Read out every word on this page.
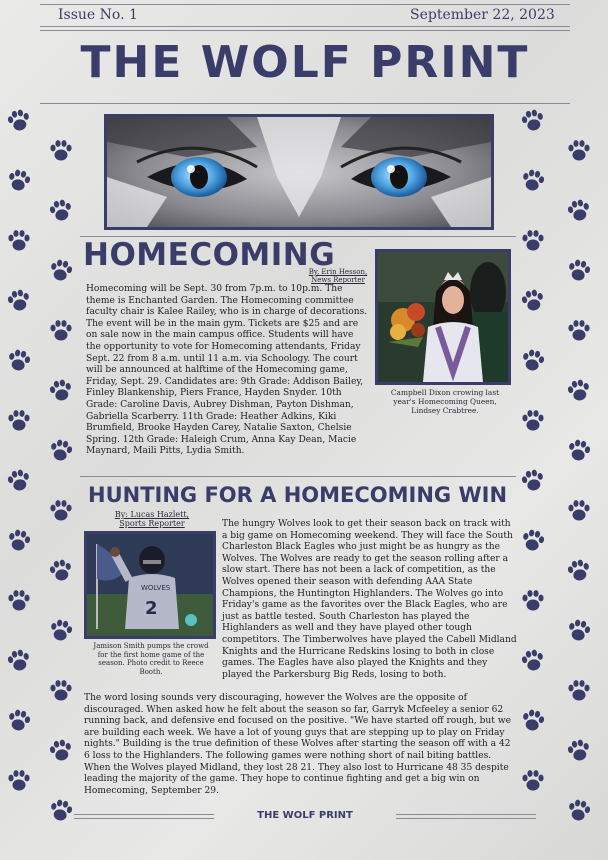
Issue No. 1	September 22, 2023
THE WOLF PRINT
HOMECOMING
By, Erin Hesson,
News Reporter

Homecoming will be Sept. 30 from 7p.m. to 10p.m. The theme is Enchanted Garden. The Homecoming committee faculty chair is Kalee Railey, who is in charge of decorations. The event will be in the main gym. Tickets are $25 and are on sale now in the main campus office. Students will have the opportunity to vote for Homecoming attendants, Friday Sept. 22 from 8 a.m. until 11 a.m. via Schoology. The court will be announced at halftime of the Homecoming game, Friday, Sept. 29. Candidates are: 9th Grade: Addison Bailey, Finley Blankenship, Piers France, Hayden Snyder. 10th Grade: Caroline Davis, Aubrey Dishman, Payton Dishman, Gabriella Scarberry. 11th Grade: Heather Adkins, Kiki Brumfield, Brooke Hayden Carey, Natalie Saxton, Chelsie Spring. 12th Grade: Haleigh Crum, Anna Kay Dean, Macie Maynard, Maili Pitts, Lydia Smith.

Campbell Dixon crowing last year's Homecoming Queen, Lindsey Crabtree.
HUNTING FOR A HOMECOMING WIN
By: Lucas Hazlett,
Sports Reporter
WOLVES
2
Jamison Smith pumps the crowd for the first home game of the season. Photo credit to Reece Booth.

The hungry Wolves look to get their season back on track with a big game on Homecoming weekend. They will face the South Charleston Black Eagles who just might be as hungry as the Wolves. The Wolves are ready to get the season rolling after a slow start. There has not been a lack of competition, as the Wolves opened their season with defending AAA State Champions, the Huntington Highlanders. The Wolves go into Friday's game as the favorites over the Black Eagles, who are just as battle tested. South Charleston has played the Highlanders as well and they have played other tough competitors. The Timberwolves have played the Cabell Midland Knights and the Hurricane Redskins losing to both in close games. The Eagles have also played the Knights and they played the Parkersburg Big Reds, losing to both.

The word losing sounds very discouraging, however the Wolves are the opposite of discouraged. When asked how he felt about the season so far, Garryk Mcfeeley a senior 62 running back, and defensive end focused on the positive. "We have started off rough, but we are building each week. We have a lot of young guys that are stepping up to play on Friday nights." Building is the true definition of these Wolves after starting the season off with a 42 6 loss to the Highlanders. The following games were nothing short of nail biting battles. When the Wolves played Midland, they lost 28 21. They also lost to Hurricane 48 35 despite leading the majority of the game. They hope to continue fighting and get a big win on Homecoming, September 29.

THE WOLF PRINT
